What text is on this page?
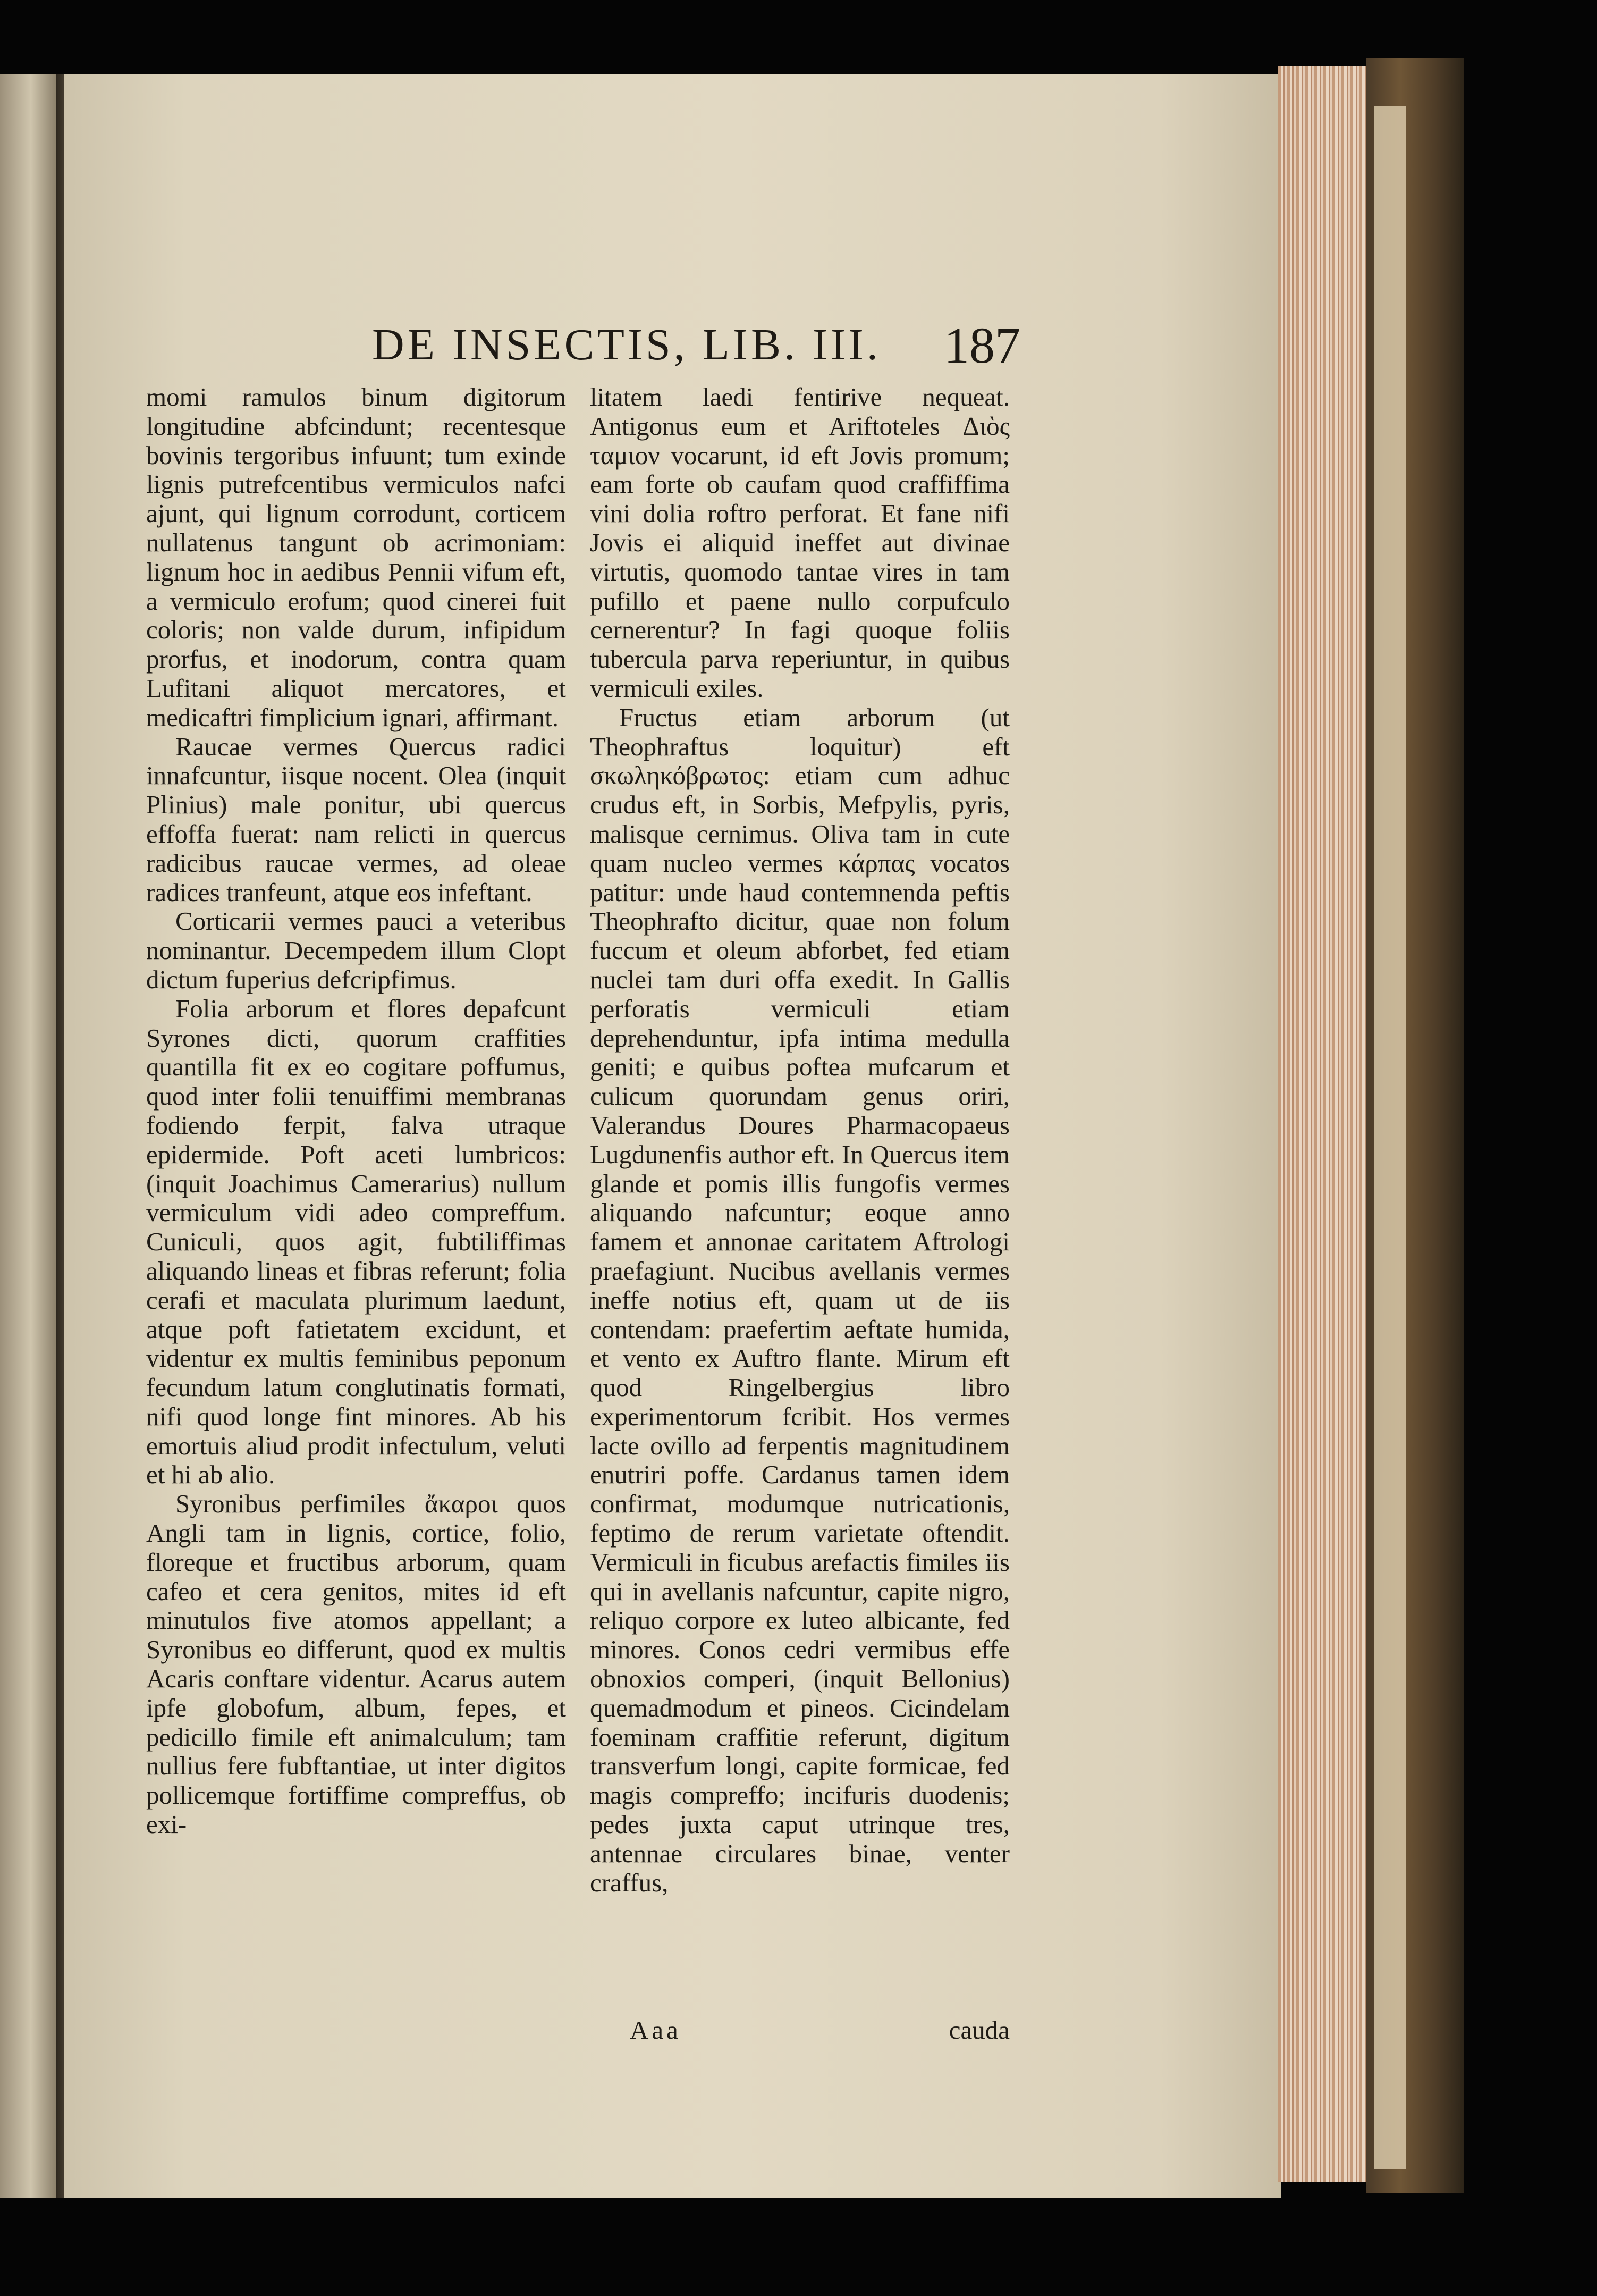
DE INSECTIS, LIB. III. 187

momi ramulos binum digitorum longitudine abfcindunt; recentesque bovinis tergoribus infuunt; tum exinde lignis putrefcentibus vermiculos nafci ajunt, qui lignum corrodunt, corticem nullatenus tangunt ob acrimoniam: lignum hoc in aedibus Pennii vifum eft, a vermiculo erofum; quod cinerei fuit coloris; non valde durum, infipidum prorfus, et inodorum, contra quam Lufitani aliquot mercatores, et medicaftri fimplicium ignari, affirmant.

Raucae vermes Quercus radici innafcuntur, iisque nocent. Olea (inquit Plinius) male ponitur, ubi quercus effoffa fuerat: nam relicti in quercus radicibus raucae vermes, ad oleae radices tranfeunt, atque eos infeftant.

Corticarii vermes pauci a veteribus nominantur. Decempedem illum Clopt dictum fuperius defcripfimus.

Folia arborum et flores depafcunt Syrones dicti, quorum craffities quantilla fit ex eo cogitare poffumus, quod inter folii tenuiffimi membranas fodiendo ferpit, falva utraque epidermide. Poft aceti lumbricos: (inquit Joachimus Camerarius) nullum vermiculum vidi adeo compreffum. Cuniculi, quos agit, fubtiliffimas aliquando lineas et fibras referunt; folia cerafi et maculata plurimum laedunt, atque poft fatietatem excidunt, et videntur ex multis feminibus peponum fecundum latum conglutinatis formati, nifi quod longe fint minores. Ab his emortuis aliud prodit infectulum, veluti et hi ab alio.

Syronibus perfimiles ἄκαροι quos Angli tam in lignis, cortice, folio, floreque et fructibus arborum, quam cafeo et cera genitos, mites id eft minutulos five atomos appellant; a Syronibus eo differunt, quod ex multis Acaris conftare videntur. Acarus autem ipfe globofum, album, fepes, et pedicillo fimile eft animalculum; tam nullius fere fubftantiae, ut inter digitos pollicemque fortiffime compreffus, ob exi-

litatem laedi fentirive nequeat. Antigonus eum et Ariftoteles Διὸς ταμιον vocarunt, id eft Jovis promum; eam forte ob caufam quod craffiffima vini dolia roftro perforat. Et fane nifi Jovis ei aliquid ineffet aut divinae virtutis, quomodo tantae vires in tam pufillo et paene nullo corpufculo cernerentur? In fagi quoque foliis tubercula parva reperiuntur, in quibus vermiculi exiles.

Fructus etiam arborum (ut Theophraftus loquitur) eft σκωληκόβρωτος: etiam cum adhuc crudus eft, in Sorbis, Mefpylis, pyris, malisque cernimus. Oliva tam in cute quam nucleo vermes κάρπας vocatos patitur: unde haud contemnenda peftis Theophrafto dicitur, quae non folum fuccum et oleum abforbet, fed etiam nuclei tam duri offa exedit. In Gallis perforatis vermiculi etiam deprehenduntur, ipfa intima medulla geniti; e quibus poftea mufcarum et culicum quorundam genus oriri, Valerandus Doures Pharmacopaeus Lugdunenfis author eft. In Quercus item glande et pomis illis fungofis vermes aliquando nafcuntur; eoque anno famem et annonae caritatem Aftrologi praefagiunt. Nucibus avellanis vermes ineffe notius eft, quam ut de iis contendam: praefertim aeftate humida, et vento ex Auftro flante. Mirum eft quod Ringelbergius libro experimentorum fcribit. Hos vermes lacte ovillo ad ferpentis magnitudinem enutriri poffe. Cardanus tamen idem confirmat, modumque nutricationis, feptimo de rerum varietate oftendit. Vermiculi in ficubus arefactis fimiles iis qui in avellanis nafcuntur, capite nigro, reliquo corpore ex luteo albicante, fed minores. Conos cedri vermibus effe obnoxios comperi, (inquit Bellonius) quemadmodum et pineos. Cicindelam foeminam craffitie referunt, digitum transverfum longi, capite formicae, fed magis compreffo; incifuris duodenis; pedes juxta caput utrinque tres, antennae circulares binae, venter craffus,

Aaa	cauda
